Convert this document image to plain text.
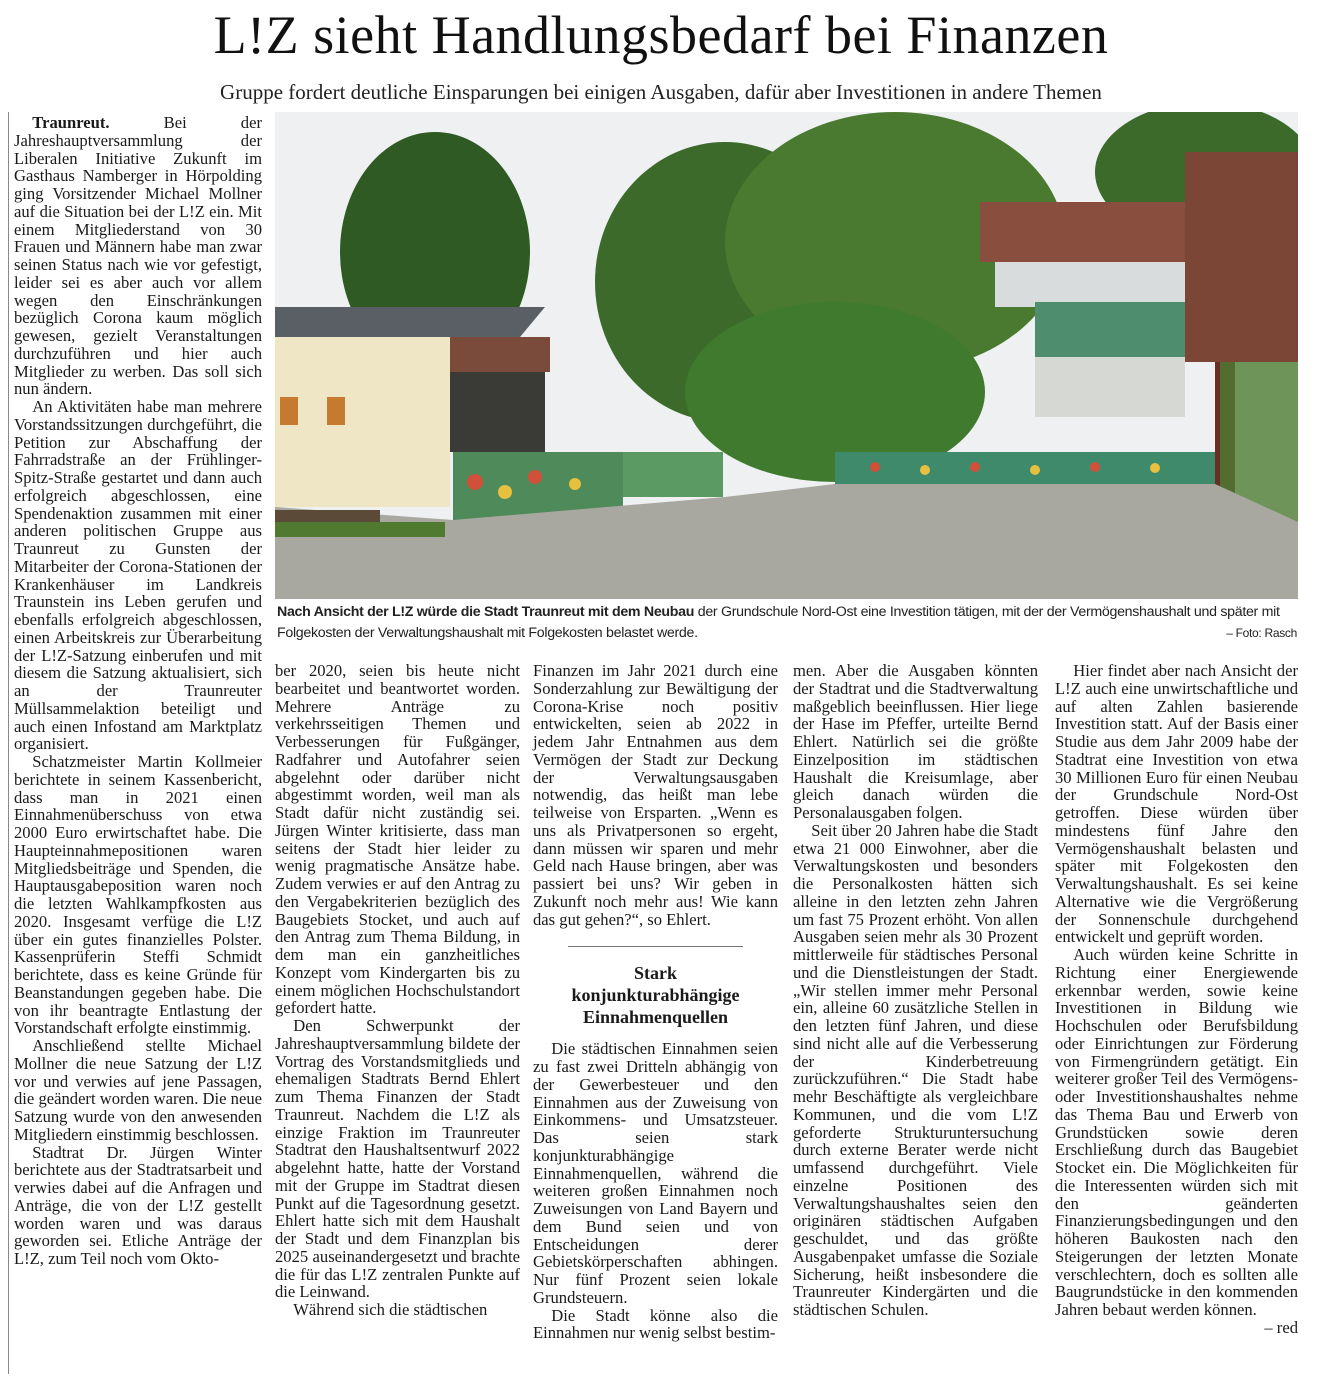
L!Z sieht Handlungsbedarf bei Finanzen

Gruppe fordert deutliche Einsparungen bei einigen Ausgaben, dafür aber Investitionen in andere Themen

Traunreut. Bei der Jahreshauptversammlung der Liberalen Initiative Zukunft im Gasthaus Namberger in Hörpolding ging Vorsitzender Michael Mollner auf die Situation bei der L!Z ein. Mit einem Mitgliederstand von 30 Frauen und Männern habe man zwar seinen Status nach wie vor gefestigt, leider sei es aber auch vor allem wegen den Einschränkungen bezüglich Corona kaum möglich gewesen, gezielt Veranstaltungen durchzuführen und hier auch Mitglieder zu werben. Das soll sich nun ändern.

An Aktivitäten habe man mehrere Vorstandssitzungen durchgeführt, die Petition zur Abschaffung der Fahrradstraße an der Frühlinger-Spitz-Straße gestartet und dann auch erfolgreich abgeschlossen, eine Spendenaktion zusammen mit einer anderen politischen Gruppe aus Traunreut zu Gunsten der Mitarbeiter der Corona-Stationen der Krankenhäuser im Landkreis Traunstein ins Leben gerufen und ebenfalls erfolgreich abgeschlossen, einen Arbeitskreis zur Überarbeitung der L!Z-Satzung einberufen und mit diesem die Satzung aktualisiert, sich an der Traunreuter Müllsammelaktion beteiligt und auch einen Infostand am Marktplatz organisiert.

Schatzmeister Martin Kollmeier berichtete in seinem Kassenbericht, dass man in 2021 einen Einnahmenüberschuss von etwa 2000 Euro erwirtschaftet habe. Die Haupteinnahmepositionen waren Mitgliedsbeiträge und Spenden, die Hauptausgabeposition waren noch die letzten Wahlkampfkosten aus 2020. Insgesamt verfüge die L!Z über ein gutes finanzielles Polster. Kassenprüferin Steffi Schmidt berichtete, dass es keine Gründe für Beanstandungen gegeben habe. Die von ihr beantragte Entlastung der Vorstandschaft erfolgte einstimmig.

Anschließend stellte Michael Mollner die neue Satzung der L!Z vor und verwies auf jene Passagen, die geändert worden waren. Die neue Satzung wurde von den anwesenden Mitgliedern einstimmig beschlossen.

Stadtrat Dr. Jürgen Winter berichtete aus der Stadtratsarbeit und verwies dabei auf die Anfragen und Anträge, die von der L!Z gestellt worden waren und was daraus geworden sei. Etliche Anträge der L!Z, zum Teil noch vom Okto-

Nach Ansicht der L!Z würde die Stadt Traunreut mit dem Neubau der Grundschule Nord-Ost eine Investition tätigen, mit der der Vermögenshaushalt und später mit Folgekosten der Verwaltungshaushalt mit Folgekosten belastet werde.	– Foto: Rasch

ber 2020, seien bis heute nicht bearbeitet und beantwortet worden. Mehrere Anträge zu verkehrsseitigen Themen und Verbesserungen für Fußgänger, Radfahrer und Autofahrer seien abgelehnt oder darüber nicht abgestimmt worden, weil man als Stadt dafür nicht zuständig sei. Jürgen Winter kritisierte, dass man seitens der Stadt hier leider zu wenig pragmatische Ansätze habe. Zudem verwies er auf den Antrag zu den Vergabekriterien bezüglich des Baugebiets Stocket, und auch auf den Antrag zum Thema Bildung, in dem man ein ganzheitliches Konzept vom Kindergarten bis zu einem möglichen Hochschulstandort gefordert hatte.

Den Schwerpunkt der Jahreshauptversammlung bildete der Vortrag des Vorstandsmitglieds und ehemaligen Stadtrats Bernd Ehlert zum Thema Finanzen der Stadt Traunreut. Nachdem die L!Z als einzige Fraktion im Traunreuter Stadtrat den Haushaltsentwurf 2022 abgelehnt hatte, hatte der Vorstand mit der Gruppe im Stadtrat diesen Punkt auf die Tagesordnung gesetzt. Ehlert hatte sich mit dem Haushalt der Stadt und dem Finanzplan bis 2025 auseinandergesetzt und brachte die für das L!Z zentralen Punkte auf die Leinwand.

Während sich die städtischen

Finanzen im Jahr 2021 durch eine Sonderzahlung zur Bewältigung der Corona-Krise noch positiv entwickelten, seien ab 2022 in jedem Jahr Entnahmen aus dem Vermögen der Stadt zur Deckung der Verwaltungsausgaben notwendig, das heißt man lebe teilweise von Ersparten. „Wenn es uns als Privatpersonen so ergeht, dann müssen wir sparen und mehr Geld nach Hause bringen, aber was passiert bei uns? Wir geben in Zukunft noch mehr aus! Wie kann das gut gehen?“, so Ehlert.

Stark konjunkturabhängige Einnahmenquellen

Die städtischen Einnahmen seien zu fast zwei Dritteln abhängig von der Gewerbesteuer und den Einnahmen aus der Zuweisung von Einkommens- und Umsatzsteuer. Das seien stark konjunkturabhängige Einnahmenquellen, während die weiteren großen Einnahmen noch Zuweisungen von Land Bayern und dem Bund seien und von Entscheidungen derer Gebietskörperschaften abhingen. Nur fünf Prozent seien lokale Grundsteuern.

Die Stadt könne also die Einnahmen nur wenig selbst bestim-

men. Aber die Ausgaben könnten der Stadtrat und die Stadtverwaltung maßgeblich beeinflussen. Hier liege der Hase im Pfeffer, urteilte Bernd Ehlert. Natürlich sei die größte Einzelposition im städtischen Haushalt die Kreisumlage, aber gleich danach würden die Personalausgaben folgen.

Seit über 20 Jahren habe die Stadt etwa 21 000 Einwohner, aber die Verwaltungskosten und besonders die Personalkosten hätten sich alleine in den letzten zehn Jahren um fast 75 Prozent erhöht. Von allen Ausgaben seien mehr als 30 Prozent mittlerweile für städtisches Personal und die Dienstleistungen der Stadt. „Wir stellen immer mehr Personal ein, alleine 60 zusätzliche Stellen in den letzten fünf Jahren, und diese sind nicht alle auf die Verbesserung der Kinderbetreuung zurückzuführen.“ Die Stadt habe mehr Beschäftigte als vergleichbare Kommunen, und die vom L!Z geforderte Strukturuntersuchung durch externe Berater werde nicht umfassend durchgeführt. Viele einzelne Positionen des Verwaltungshaushaltes seien den originären städtischen Aufgaben geschuldet, und das größte Ausgabenpaket umfasse die Soziale Sicherung, heißt insbesondere die Traunreuter Kindergärten und die städtischen Schulen.

Hier findet aber nach Ansicht der L!Z auch eine unwirtschaftliche und auf alten Zahlen basierende Investition statt. Auf der Basis einer Studie aus dem Jahr 2009 habe der Stadtrat eine Investition von etwa 30 Millionen Euro für einen Neubau der Grundschule Nord-Ost getroffen. Diese würden über mindestens fünf Jahre den Vermögenshaushalt belasten und später mit Folgekosten den Verwaltungshaushalt. Es sei keine Alternative wie die Vergrößerung der Sonnenschule durchgehend entwickelt und geprüft worden.

Auch würden keine Schritte in Richtung einer Energiewende erkennbar werden, sowie keine Investitionen in Bildung wie Hochschulen oder Berufsbildung oder Einrichtungen zur Förderung von Firmengründern getätigt. Ein weiterer großer Teil des Vermögens- oder Investitionshaushaltes nehme das Thema Bau und Erwerb von Grundstücken sowie deren Erschließung durch das Baugebiet Stocket ein. Die Möglichkeiten für die Interessenten würden sich mit den geänderten Finanzierungsbedingungen und den höheren Baukosten nach den Steigerungen der letzten Monate verschlechtern, doch es sollten alle Baugrundstücke in den kommenden Jahren bebaut werden können.

– red
